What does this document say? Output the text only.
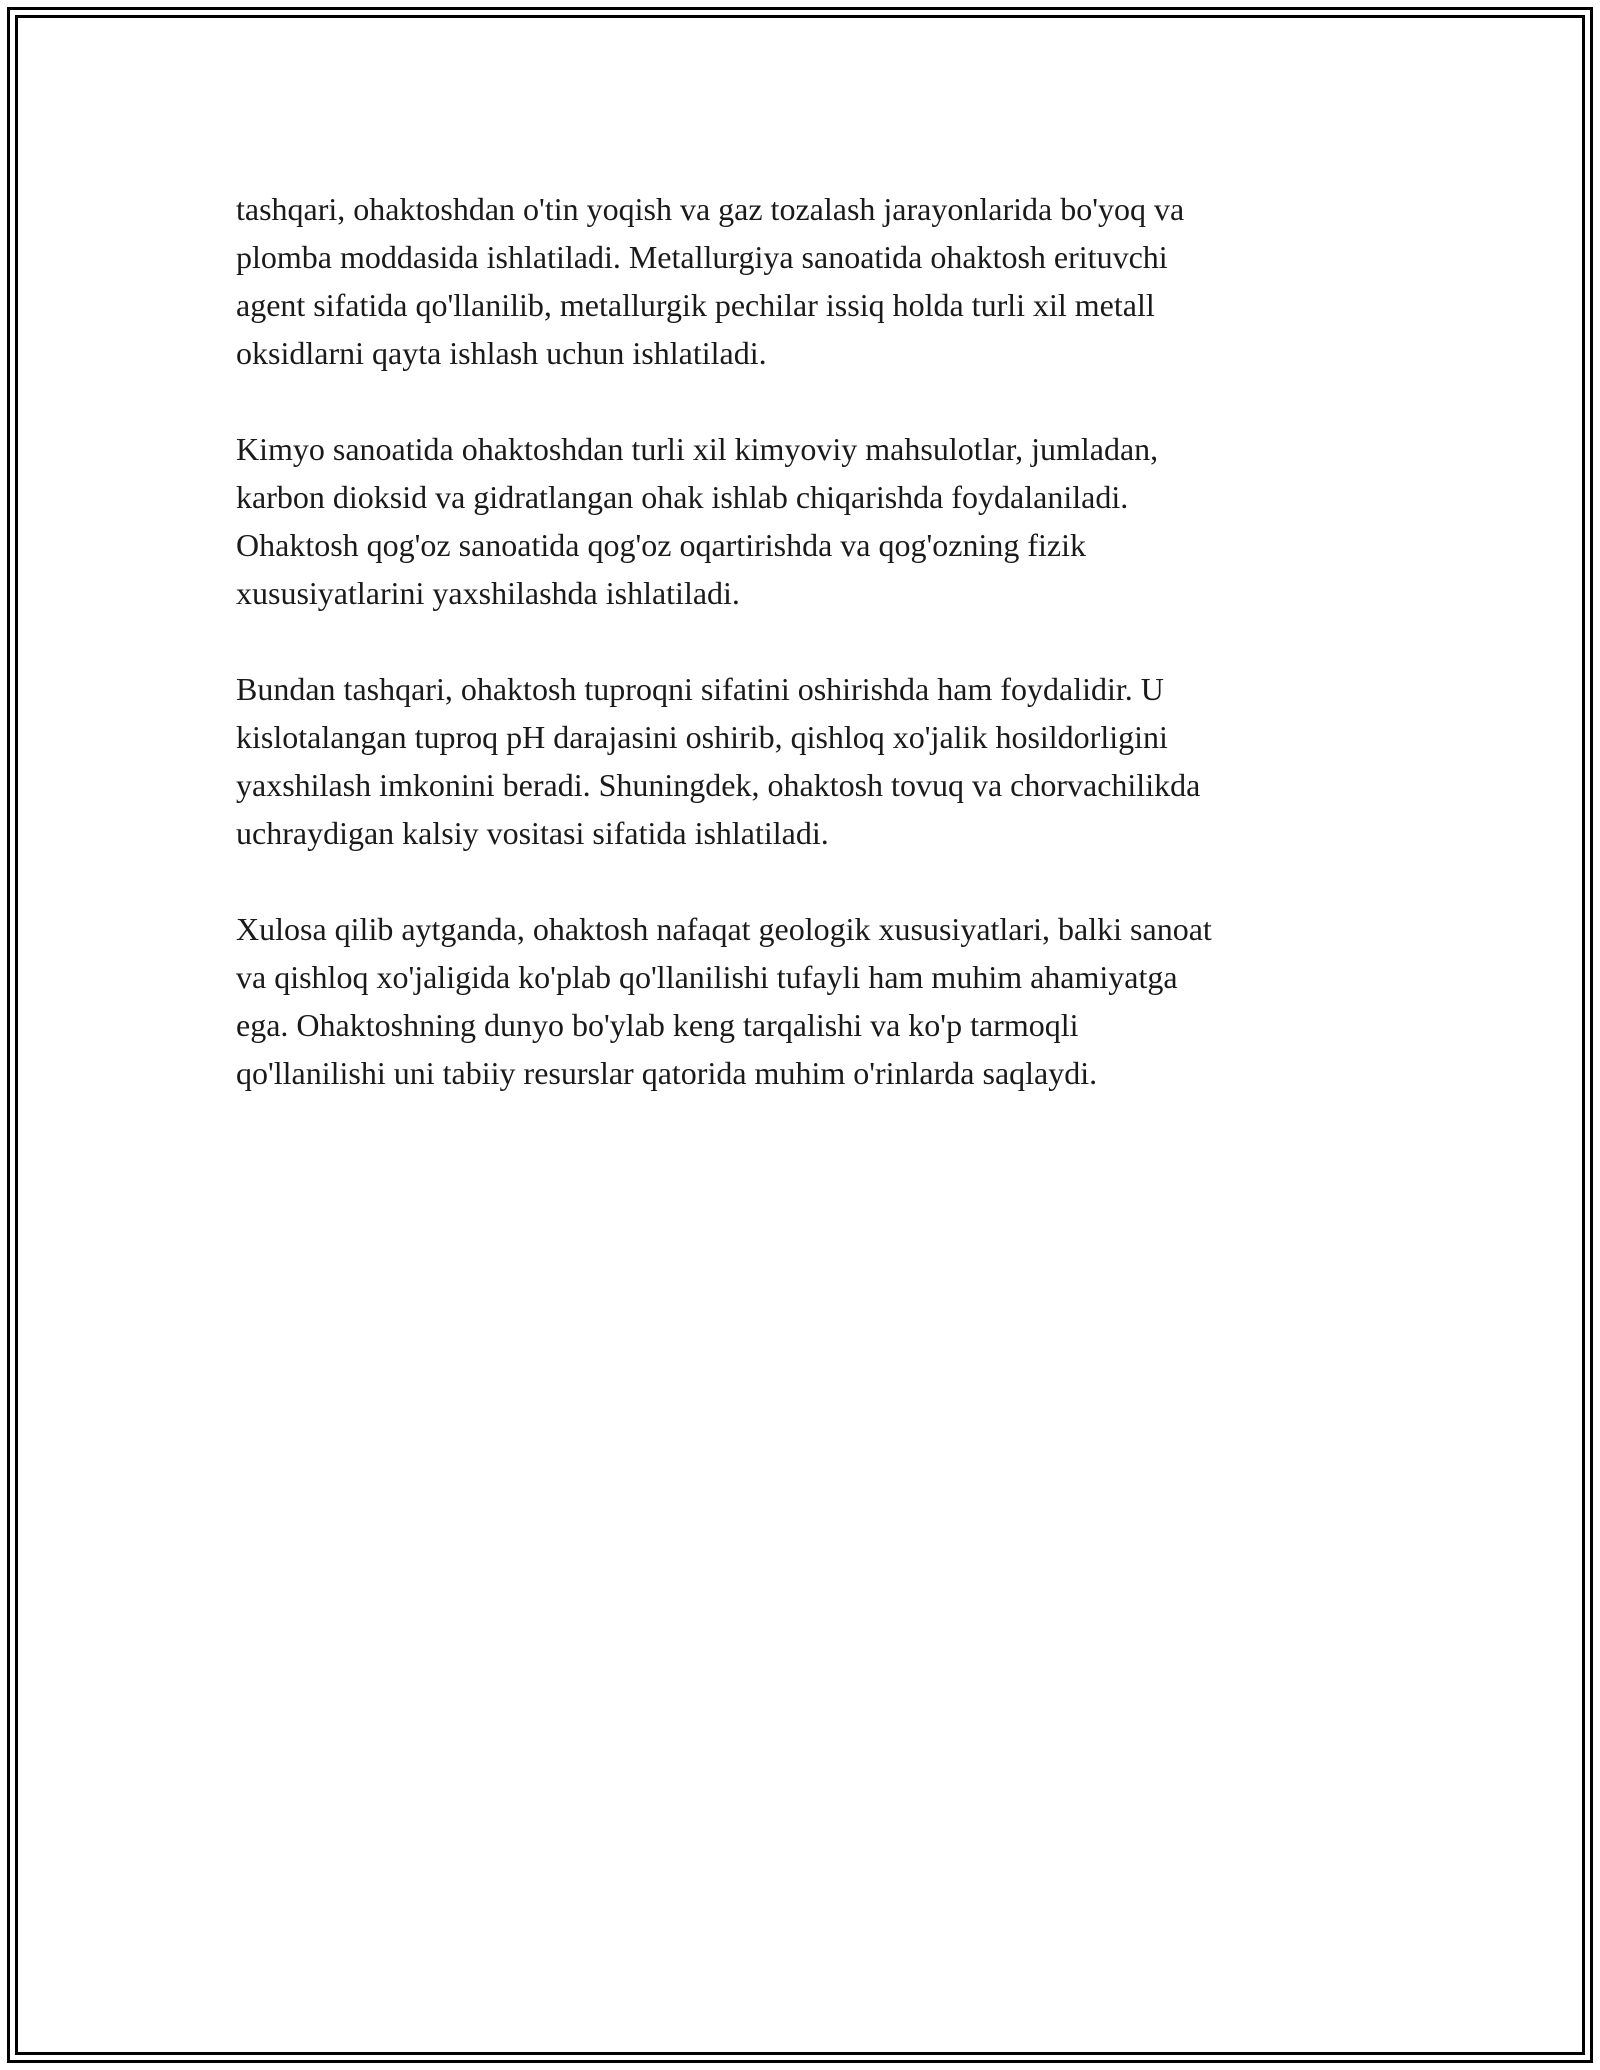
tashqari, ohaktoshdan o'tin yoqish va gaz tozalash jarayonlarida bo'yoq va
plomba moddasida ishlatiladi. Metallurgiya sanoatida ohaktosh erituvchi
agent sifatida qo'llanilib, metallurgik pechilar issiq holda turli xil metall
oksidlarni qayta ishlash uchun ishlatiladi.

Kimyo sanoatida ohaktoshdan turli xil kimyoviy mahsulotlar, jumladan,
karbon dioksid va gidratlangan ohak ishlab chiqarishda foydalaniladi.
Ohaktosh qog'oz sanoatida qog'oz oqartirishda va qog'ozning fizik
xususiyatlarini yaxshilashda ishlatiladi.

Bundan tashqari, ohaktosh tuproqni sifatini oshirishda ham foydalidir. U
kislotalangan tuproq pH darajasini oshirib, qishloq xo'jalik hosildorligini
yaxshilash imkonini beradi. Shuningdek, ohaktosh tovuq va chorvachilikda
uchraydigan kalsiy vositasi sifatida ishlatiladi.

Xulosa qilib aytganda, ohaktosh nafaqat geologik xususiyatlari, balki sanoat
va qishloq xo'jaligida ko'plab qo'llanilishi tufayli ham muhim ahamiyatga
ega. Ohaktoshning dunyo bo'ylab keng tarqalishi va ko'p tarmoqli
qo'llanilishi uni tabiiy resurslar qatorida muhim o'rinlarda saqlaydi.
